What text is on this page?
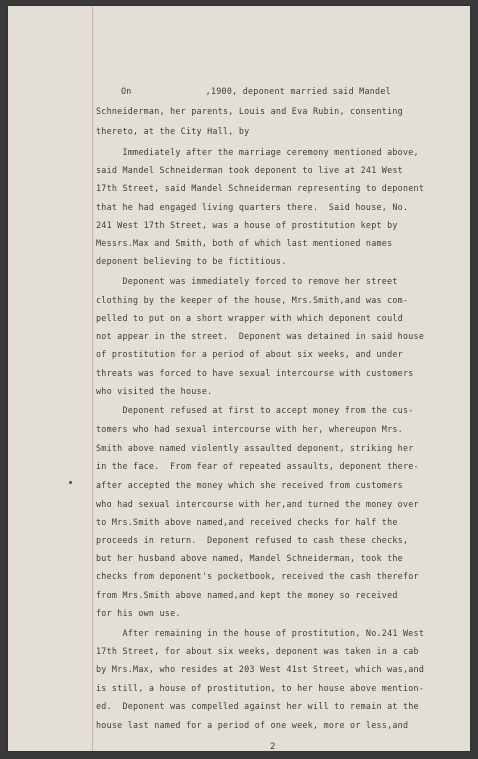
On              ,1900, deponent married said Mandel
Schneiderman, her parents, Louis and Eva Rubin, consenting
thereto, at the City Hall, by
Immediately after the marriage ceremony mentioned above,
said Mandel Schneiderman took deponent to live at 241 West
17th Street, said Mandel Schneiderman representing to deponent
that he had engaged living quarters there.  Said house, No.
241 West 17th Street, was a house of prostitution kept by
Messrs.Max and Smith, both of which last mentioned names
deponent believing to be fictitious.
Deponent was immediately forced to remove her street
clothing by the keeper of the house, Mrs.Smith,and was com-
pelled to put on a short wrapper with which deponent could
not appear in the street.  Deponent was detained in said house
of prostitution for a period of about six weeks, and under
threats was forced to have sexual intercourse with customers
who visited the house.
Deponent refused at first to accept money from the cus-
tomers who had sexual intercourse with her, whereupon Mrs.
Smith above named violently assaulted deponent, striking her
in the face.  From fear of repeated assaults, deponent there-
after accepted the money which she received from customers
who had sexual intercourse with her,and turned the money over
to Mrs.Smith above named,and received checks for half the
proceeds in return.  Deponent refused to cash these checks,
but her husband above named, Mandel Schneiderman, took the
checks from deponent's pocketbook, received the cash therefor
from Mrs.Smith above named,and kept the money so received
for his own use.
After remaining in the house of prostitution, No.241 West
17th Street, for about six weeks, deponent was taken in a cab
by Mrs.Max, who resides at 203 West 41st Street, which was,and
is still, a house of prostitution, to her house above mention-
ed.  Deponent was compelled against her will to remain at the
house last named for a period of one week, more or less,and
2
